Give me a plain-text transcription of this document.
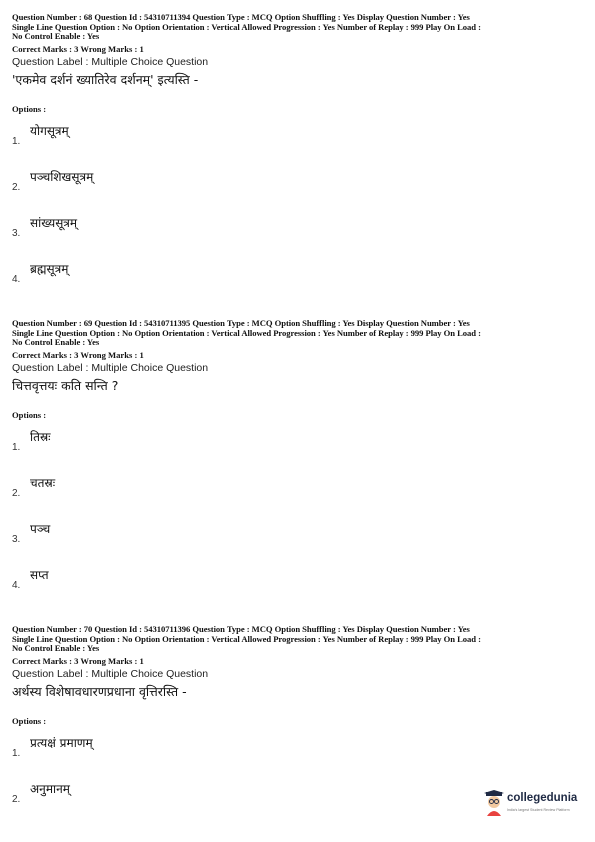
Question Number : 68 Question Id : 54310711394 Question Type : MCQ Option Shuffling : Yes Display Question Number : Yes
Single Line Question Option : No Option Orientation : Vertical Allowed Progression : Yes Number of Replay : 999 Play On Load :
No Control Enable : Yes
Correct Marks : 3 Wrong Marks : 1
Question Label : Multiple Choice Question
'एकमेव दर्शनं ख्यातिरेव दर्शनम्' इत्यस्ति -
Options :
योगसूत्रम्
1.
पञ्चशिखसूत्रम्
2.
सांख्यसूत्रम्
3.
ब्रह्मसूत्रम्
4.
Question Number : 69 Question Id : 54310711395 Question Type : MCQ Option Shuffling : Yes Display Question Number : Yes
Single Line Question Option : No Option Orientation : Vertical Allowed Progression : Yes Number of Replay : 999 Play On Load :
No Control Enable : Yes
Correct Marks : 3 Wrong Marks : 1
Question Label : Multiple Choice Question
चित्तवृत्तयः कति सन्ति ?
Options :
तिस्रः
1.
चतस्रः
2.
पञ्च
3.
सप्त
4.
Question Number : 70 Question Id : 54310711396 Question Type : MCQ Option Shuffling : Yes Display Question Number : Yes
Single Line Question Option : No Option Orientation : Vertical Allowed Progression : Yes Number of Replay : 999 Play On Load :
No Control Enable : Yes
Correct Marks : 3 Wrong Marks : 1
Question Label : Multiple Choice Question
अर्थस्य विशेषावधारणप्रधाना वृत्तिरस्ति -
Options :
प्रत्यक्षं प्रमाणम्
1.
अनुमानम्
2.	collegedunia
India's largest Student Review Platform
